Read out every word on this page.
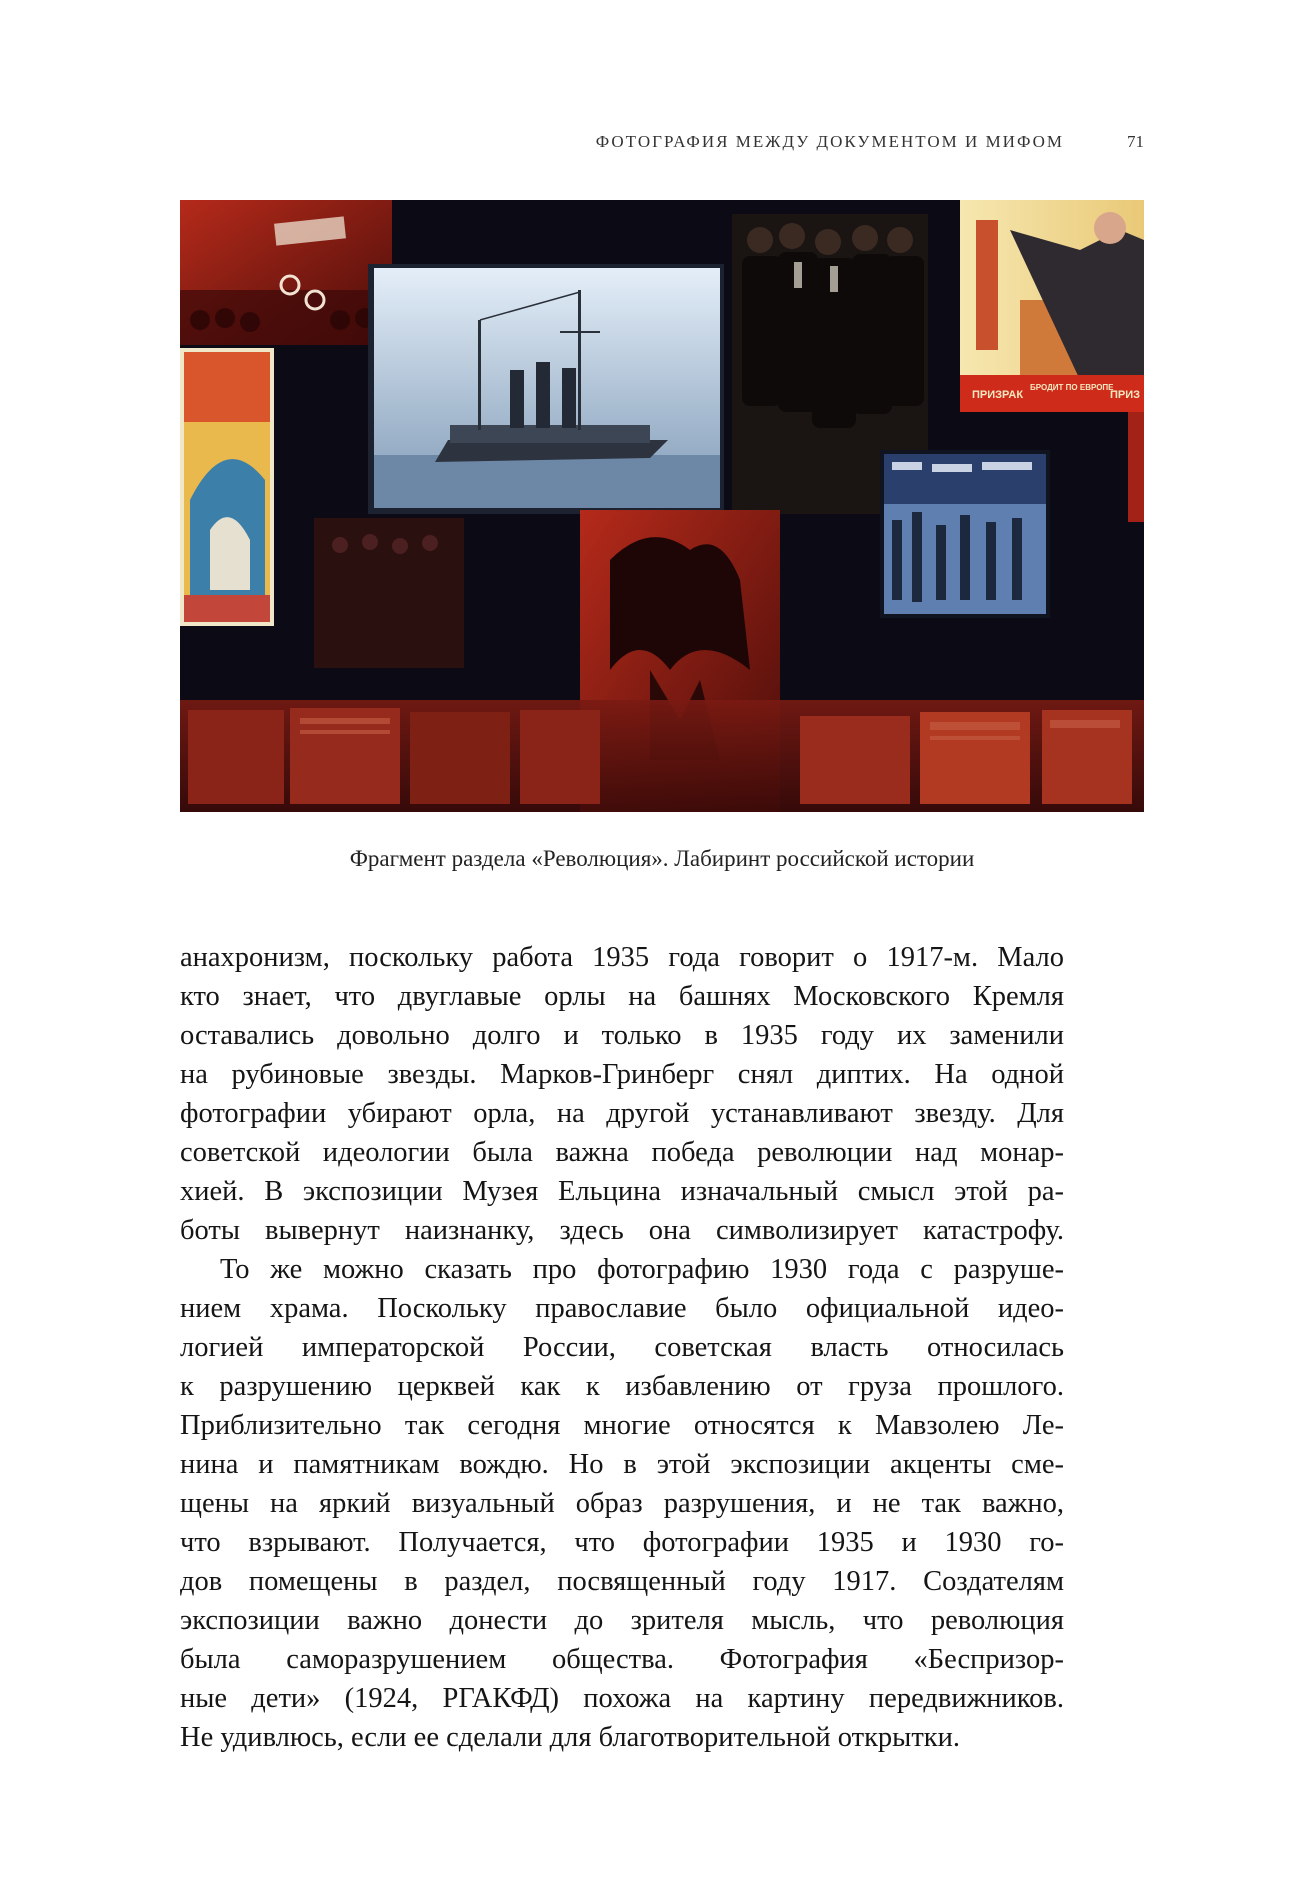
ФОТОГРАФИЯ МЕЖДУ ДОКУМЕНТОМ И МИФОМ	71
ПРИЗРАК
БРОДИТ ПО ЕВРОПЕ
ПРИЗ
Фрагмент раздела «Революция». Лабиринт российской истории

анахронизм, поскольку работа 1935 года говорит о 1917-м. Мало
кто знает, что двуглавые орлы на башнях Московского Кремля
оставались довольно долго и только в 1935 году их заменили
на рубиновые звезды. Марков-Гринберг снял диптих. На одной
фотографии убирают орла, на другой устанавливают звезду. Для
советской идеологии была важна победа революции над монар-
хией. В экспозиции Музея Ельцина изначальный смысл этой ра-
боты вывернут наизнанку, здесь она символизирует катастрофу.

То же можно сказать про фотографию 1930 года с разруше-
нием храма. Поскольку православие было официальной идео-
логией императорской России, советская власть относилась
к разрушению церквей как к избавлению от груза прошлого.
Приблизительно так сегодня многие относятся к Мавзолею Ле-
нина и памятникам вождю. Но в этой экспозиции акценты сме-
щены на яркий визуальный образ разрушения, и не так важно,
что взрывают. Получается, что фотографии 1935 и 1930 го-
дов помещены в раздел, посвященный году 1917. Создателям
экспозиции важно донести до зрителя мысль, что революция
была саморазрушением общества. Фотография «Беспризор-
ные дети» (1924, РГАКФД) похожа на картину передвижников.
Не удивлюсь, если ее сделали для благотворительной открытки.
